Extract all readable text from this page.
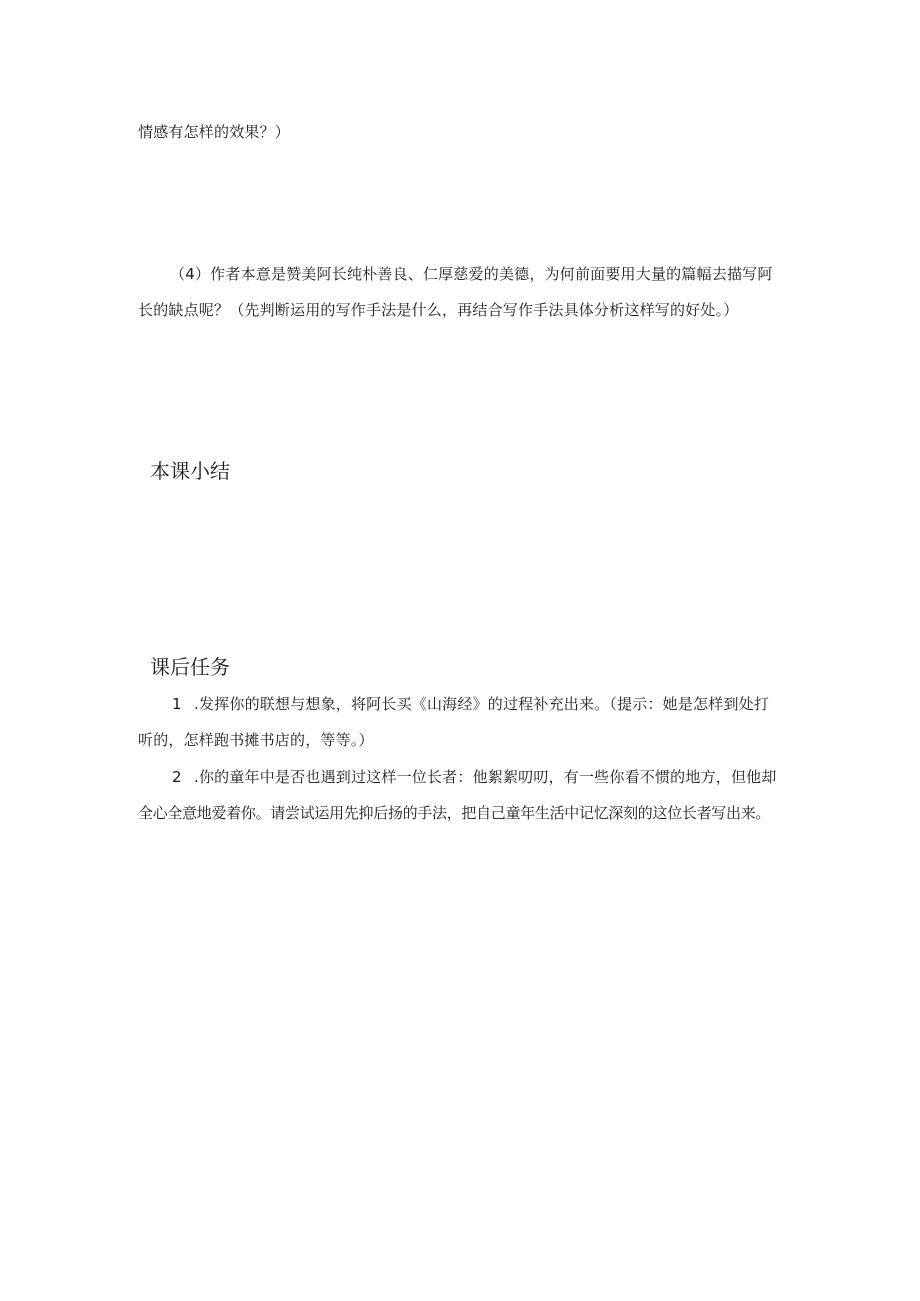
情感有怎样的效果？）
（4）作者本意是赞美阿长纯朴善良、仁厚慈爱的美德，为何前面要用大量的篇幅去描写阿
长的缺点呢？（先判断运用的写作手法是什么，再结合写作手法具体分析这样写的好处。）
本课小结
课后任务
1 .发挥你的联想与想象，将阿长买《山海经》的过程补充出来。（提示：她是怎样到处打
听的，怎样跑书摊书店的，等等。）
2 .你的童年中是否也遇到过这样一位长者：他絮絮叨叨，有一些你看不惯的地方，但他却
全心全意地爱着你。请尝试运用先抑后扬的手法，把自己童年生活中记忆深刻的这位长者写出来。
